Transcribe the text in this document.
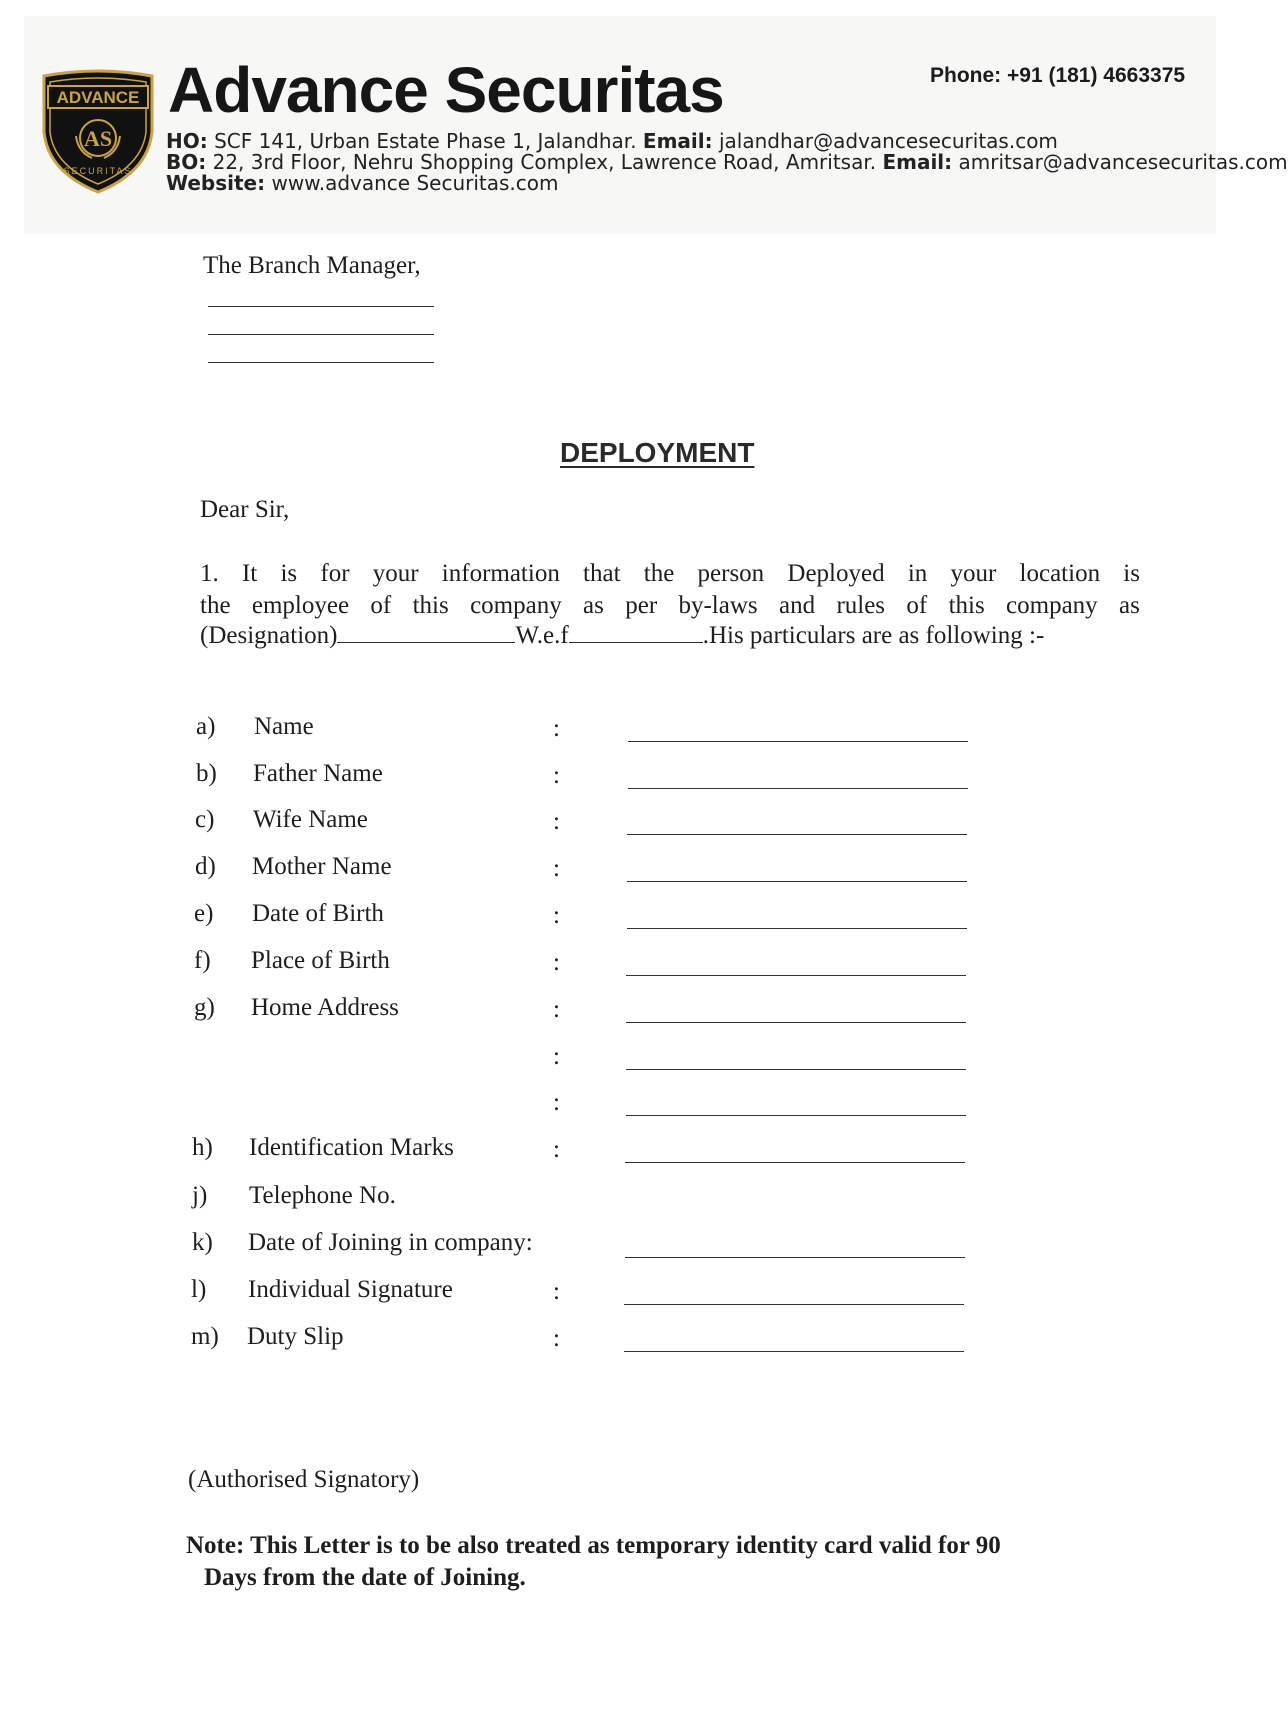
ADVANCE
AS
SECURITAS
Advance Securitas	Phone: +91 (181) 4663375
HO: SCF 141, Urban Estate Phase 1, Jalandhar. Email: jalandhar@advancesecuritas.com
BO: 22, 3rd Floor, Nehru Shopping Complex, Lawrence Road, Amritsar. Email: amritsar@advancesecuritas.com
Website: www.advance Securitas.com
The Branch Manager,
DEPLOYMENT
Dear Sir,
1. It is for your information that the person Deployed in your location is
the employee of this company as per by-laws and rules of this company as
(Designation)	W.e.f	.His particulars are as following :-
a) Name	:
b) Father Name	:
c) Wife Name	:
d) Mother Name	:
e) Date of Birth	:
f) Place of Birth	:
g) Home Address	:
:
:
h) Identification Marks	:
j) Telephone No.
k) Date of Joining in company:
l) Individual Signature	:
m) Duty Slip	:
(Authorised Signatory)
Note: This Letter is to be also treated as temporary identity card valid for 90
Days from the date of Joining.
